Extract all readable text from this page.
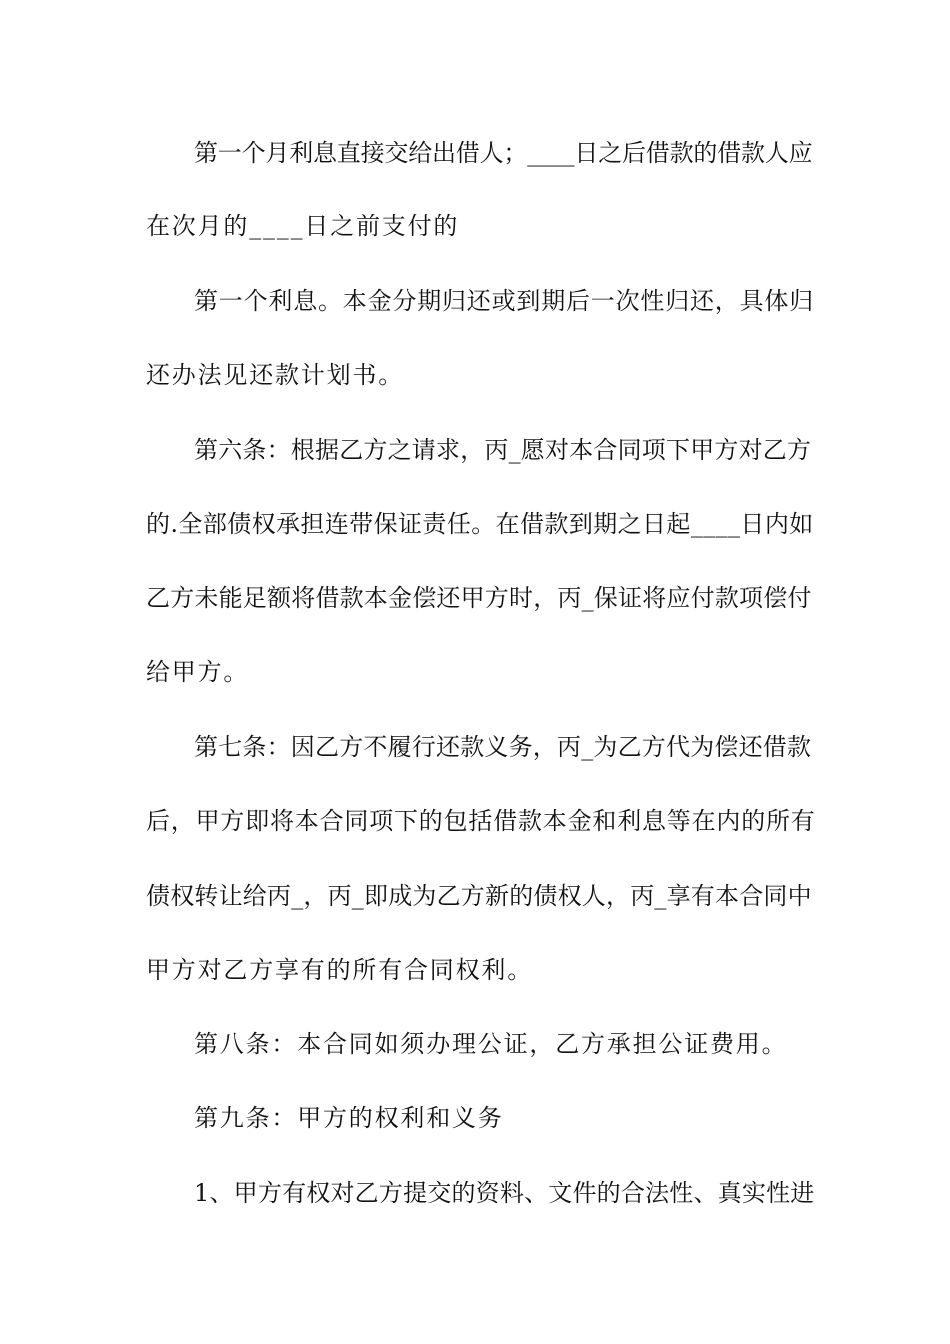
第一个月利息直接交给出借人；____日之后借款的借款人应
在次月的____日之前支付的
第一个利息。本金分期归还或到期后一次性归还，具体归
还办法见还款计划书。
第六条：根据乙方之请求，丙_愿对本合同项下甲方对乙方
的.全部债权承担连带保证责任。在借款到期之日起____日内如
乙方未能足额将借款本金偿还甲方时，丙_保证将应付款项偿付
给甲方。
第七条：因乙方不履行还款义务，丙_为乙方代为偿还借款
后，甲方即将本合同项下的包括借款本金和利息等在内的所有
债权转让给丙_，丙_即成为乙方新的债权人，丙_享有本合同中
甲方对乙方享有的所有合同权利。
第八条：本合同如须办理公证，乙方承担公证费用。
第九条：甲方的权利和义务
1、甲方有权对乙方提交的资料、文件的合法性、真实性进
